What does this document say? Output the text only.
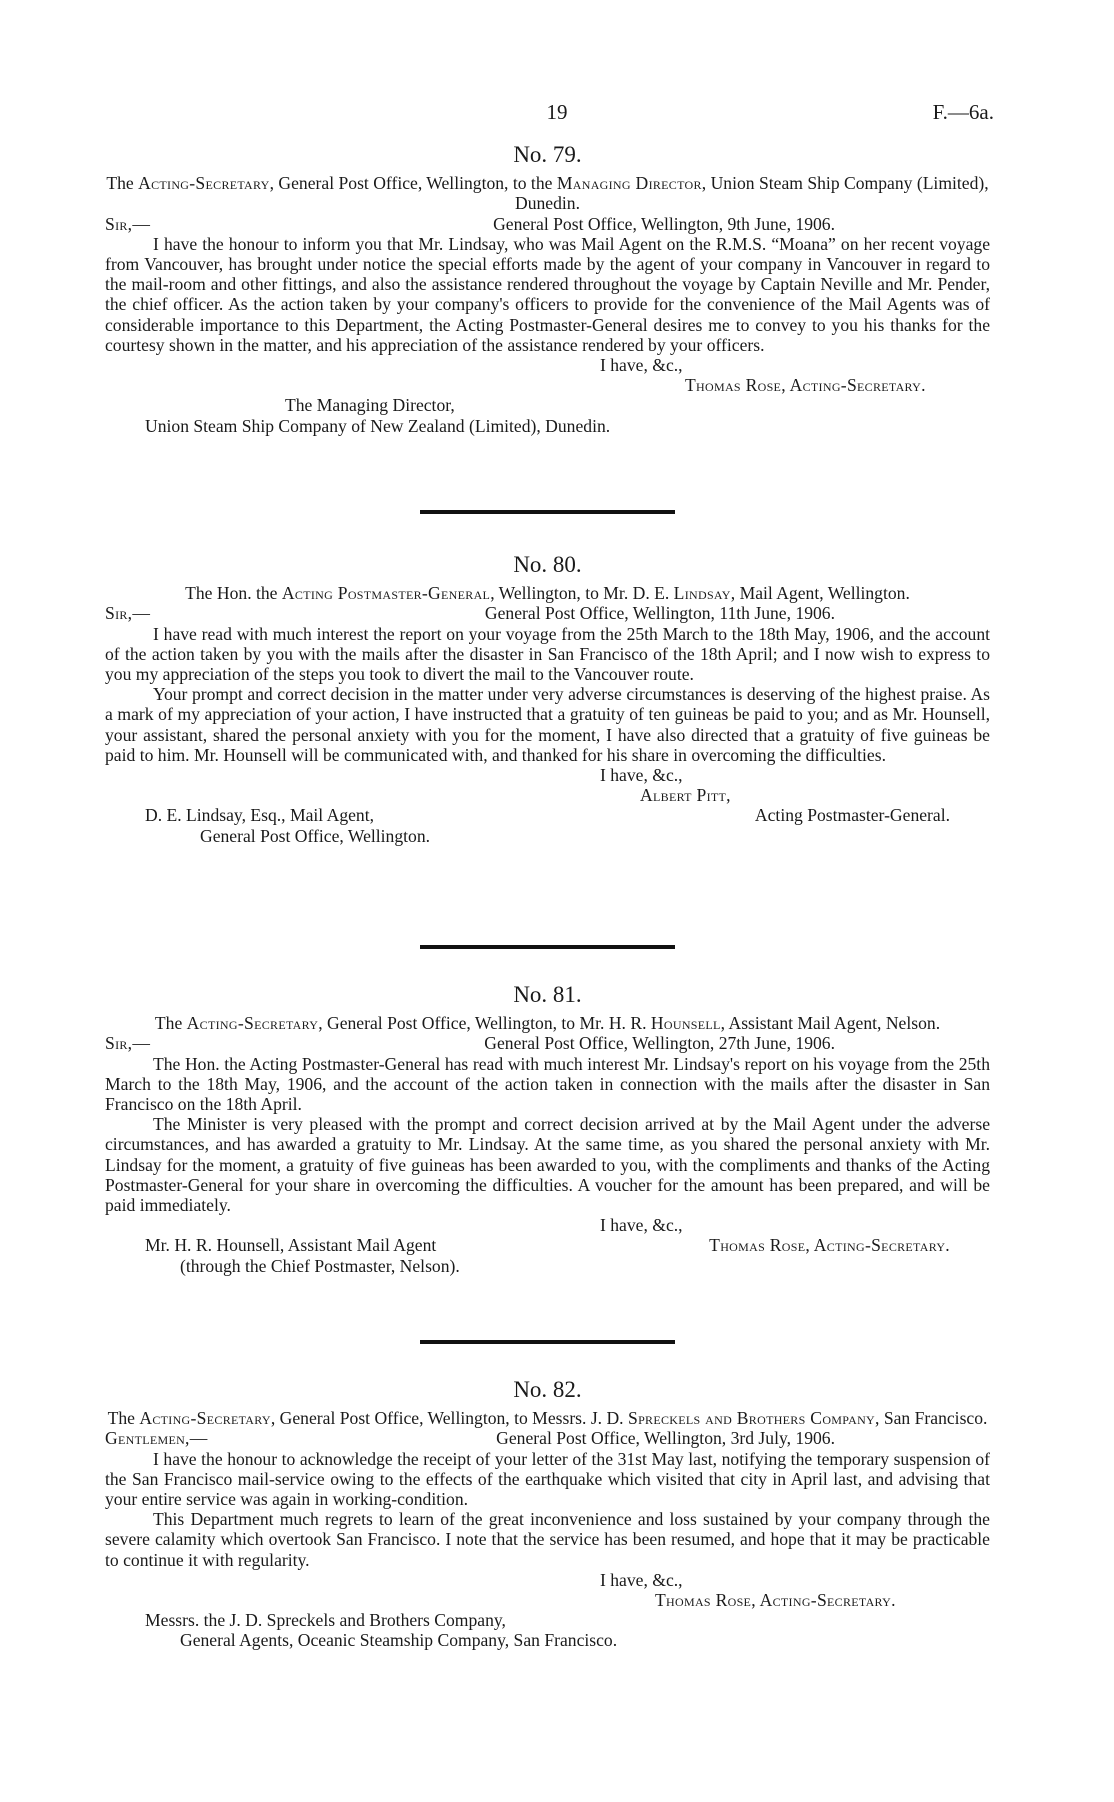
19	F.—6a.
No. 79.
The Acting-Secretary, General Post Office, Wellington, to the Managing Director, Union Steam Ship Company (Limited), Dunedin.
Sir,—	General Post Office, Wellington, 9th June, 1906.

I have the honour to inform you that Mr. Lindsay, who was Mail Agent on the R.M.S. “Moana” on her recent voyage from Vancouver, has brought under notice the special efforts made by the agent of your company in Vancouver in regard to the mail-room and other fittings, and also the assistance rendered throughout the voyage by Captain Neville and Mr. Pender, the chief officer. As the action taken by your company's officers to provide for the convenience of the Mail Agents was of considerable importance to this Department, the Acting Postmaster-General desires me to convey to you his thanks for the courtesy shown in the matter, and his appreciation of the assistance rendered by your officers.

I have, &c.,
Thomas Rose, Acting-Secretary.
The Managing Director,
Union Steam Ship Company of New Zealand (Limited), Dunedin.
No. 80.
The Hon. the Acting Postmaster-General, Wellington, to Mr. D. E. Lindsay, Mail Agent, Wellington.
Sir,—	General Post Office, Wellington, 11th June, 1906.

I have read with much interest the report on your voyage from the 25th March to the 18th May, 1906, and the account of the action taken by you with the mails after the disaster in San Francisco of the 18th April; and I now wish to express to you my appreciation of the steps you took to divert the mail to the Vancouver route.

Your prompt and correct decision in the matter under very adverse circumstances is deserving of the highest praise. As a mark of my appreciation of your action, I have instructed that a gratuity of ten guineas be paid to you; and as Mr. Hounsell, your assistant, shared the personal anxiety with you for the moment, I have also directed that a gratuity of five guineas be paid to him. Mr. Hounsell will be communicated with, and thanked for his share in overcoming the difficulties.

I have, &c.,
Albert Pitt,
D. E. Lindsay, Esq., Mail Agent,	Acting Postmaster-General.
General Post Office, Wellington.
No. 81.
The Acting-Secretary, General Post Office, Wellington, to Mr. H. R. Hounsell, Assistant Mail Agent, Nelson.
Sir,—	General Post Office, Wellington, 27th June, 1906.

The Hon. the Acting Postmaster-General has read with much interest Mr. Lindsay's report on his voyage from the 25th March to the 18th May, 1906, and the account of the action taken in connection with the mails after the disaster in San Francisco on the 18th April.

The Minister is very pleased with the prompt and correct decision arrived at by the Mail Agent under the adverse circumstances, and has awarded a gratuity to Mr. Lindsay. At the same time, as you shared the personal anxiety with Mr. Lindsay for the moment, a gratuity of five guineas has been awarded to you, with the compliments and thanks of the Acting Postmaster-General for your share in overcoming the difficulties. A voucher for the amount has been prepared, and will be paid immediately.

I have, &c.,
Mr. H. R. Hounsell, Assistant Mail Agent	Thomas Rose, Acting-Secretary.
(through the Chief Postmaster, Nelson).
No. 82.
The Acting-Secretary, General Post Office, Wellington, to Messrs. J. D. Spreckels and Brothers Company, San Francisco.
Gentlemen,—	General Post Office, Wellington, 3rd July, 1906.

I have the honour to acknowledge the receipt of your letter of the 31st May last, notifying the temporary suspension of the San Francisco mail-service owing to the effects of the earthquake which visited that city in April last, and advising that your entire service was again in working-condition.

This Department much regrets to learn of the great inconvenience and loss sustained by your company through the severe calamity which overtook San Francisco. I note that the service has been resumed, and hope that it may be practicable to continue it with regularity.

I have, &c.,
Thomas Rose, Acting-Secretary.
Messrs. the J. D. Spreckels and Brothers Company,
General Agents, Oceanic Steamship Company, San Francisco.
